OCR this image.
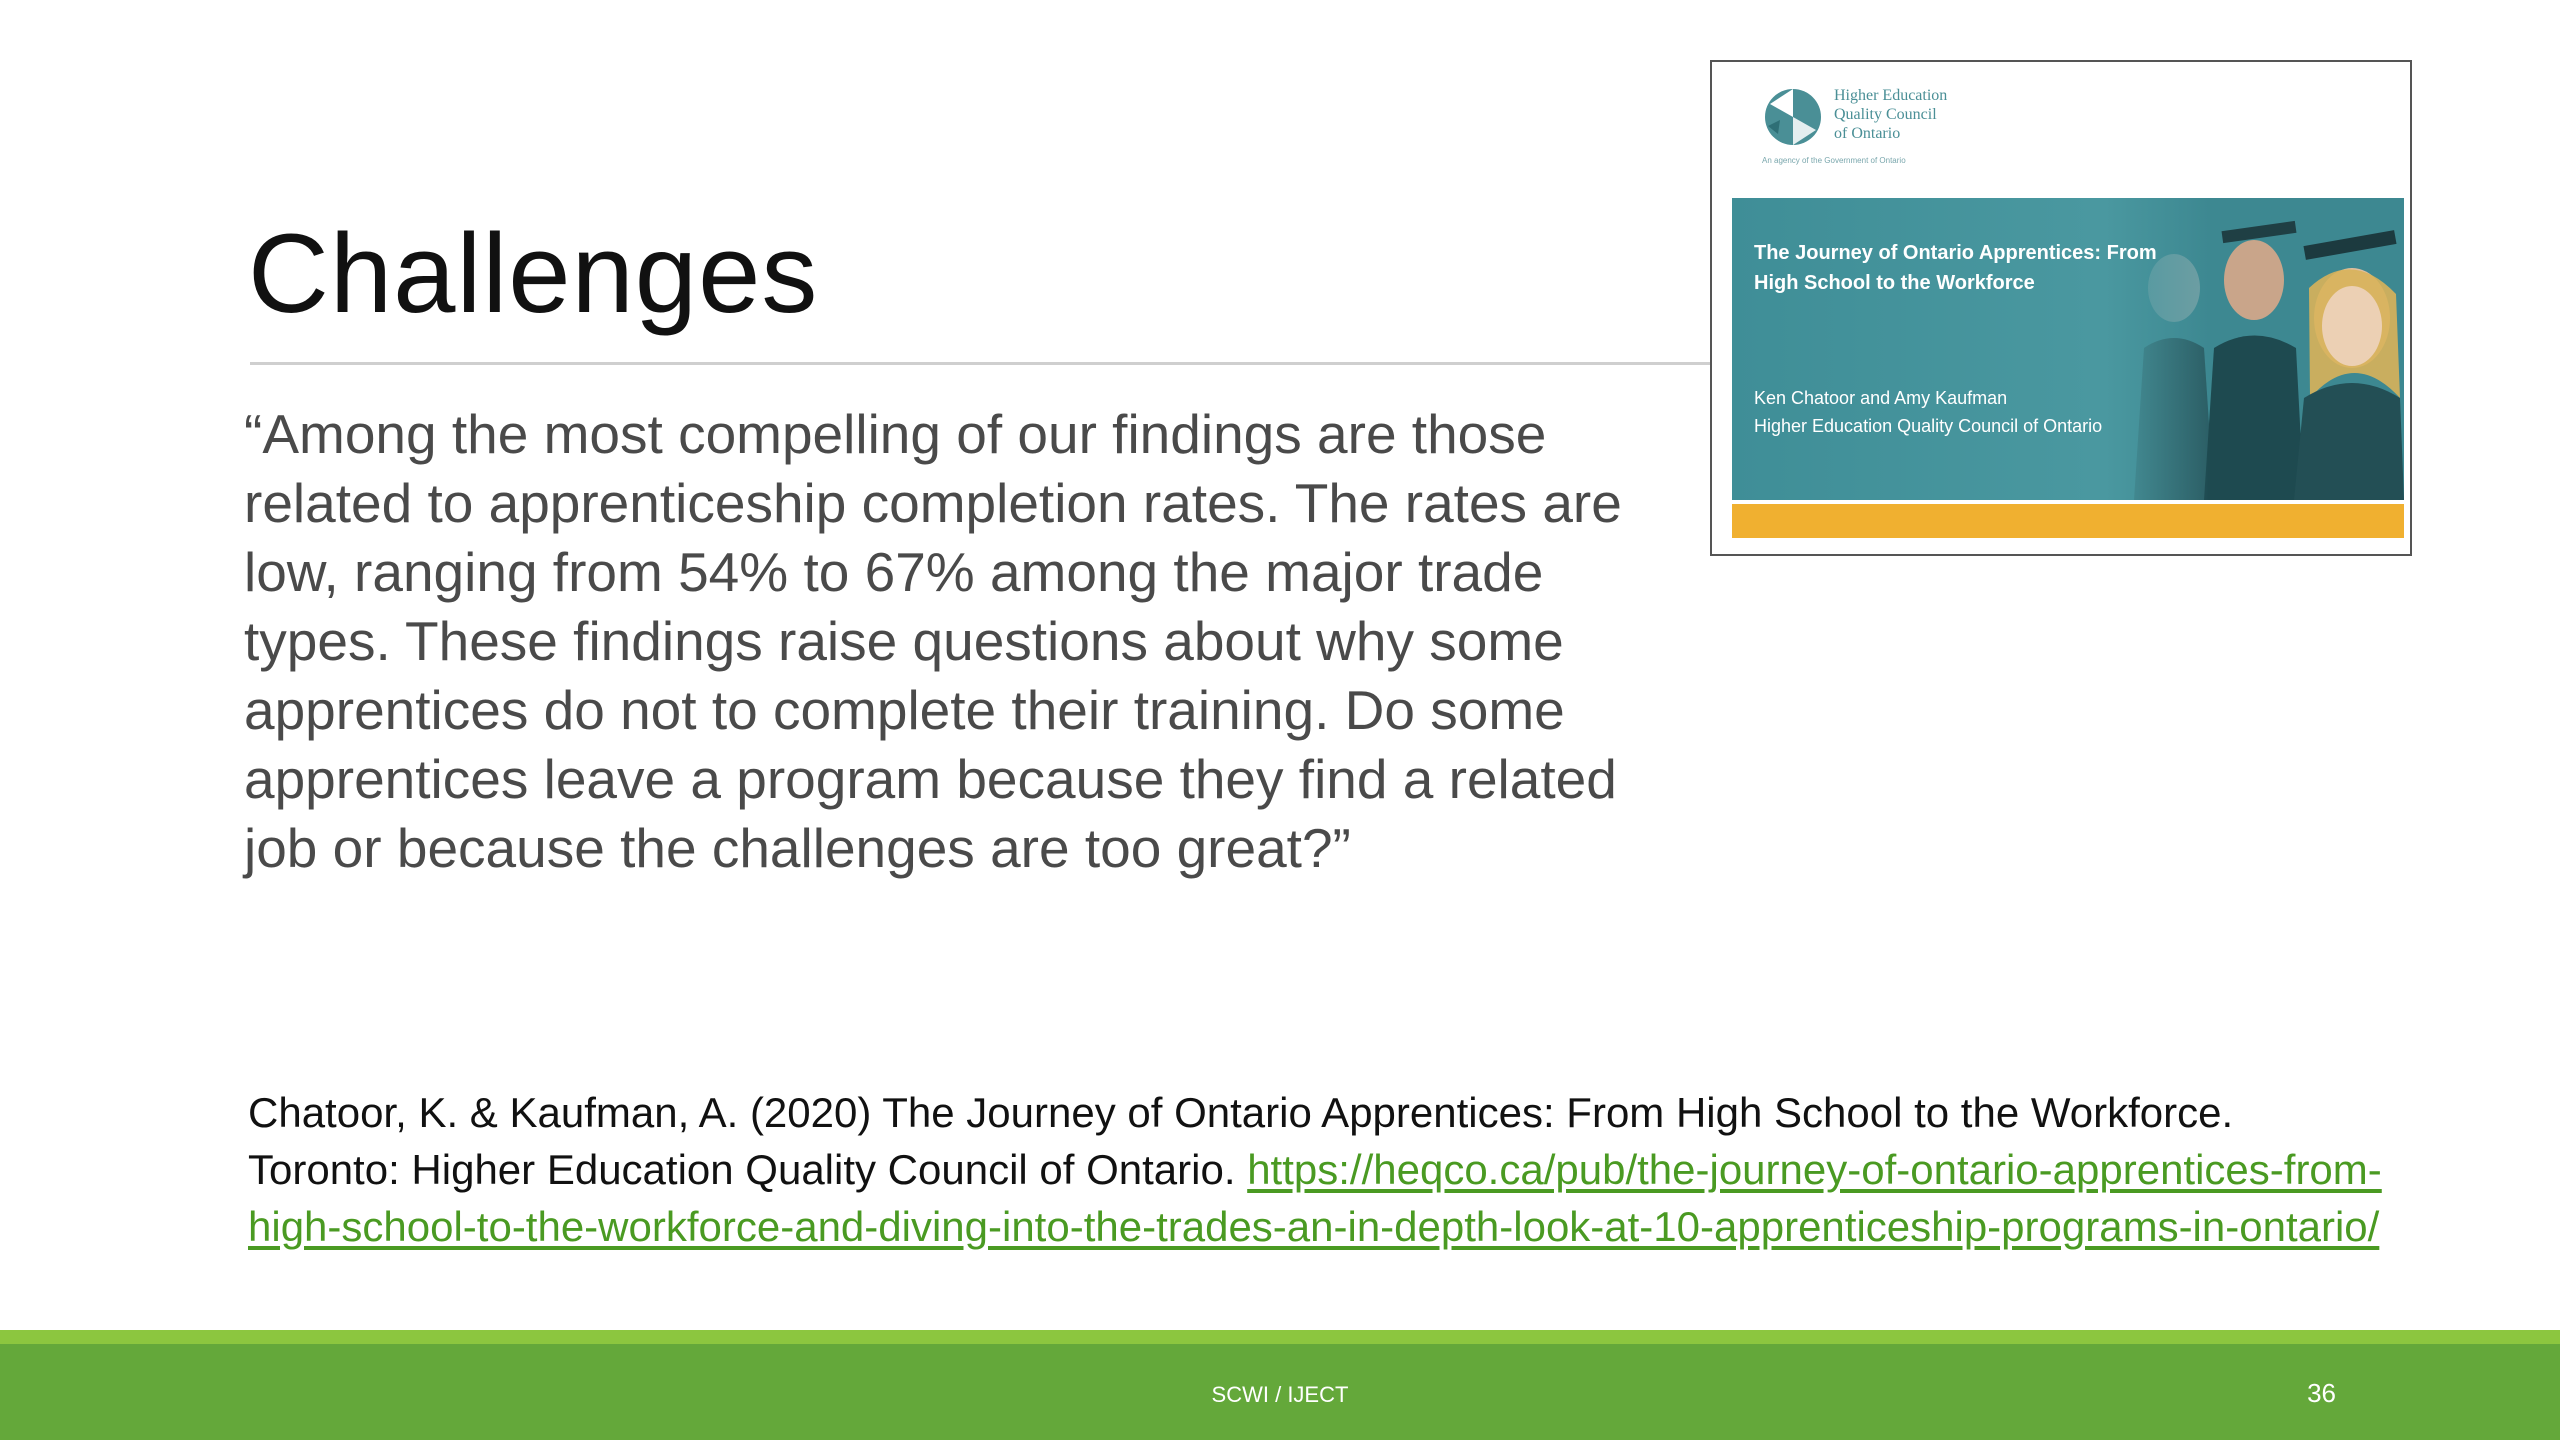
Challenges

“Among the most compelling of our findings are those related to apprenticeship completion rates. The rates are low, ranging from 54% to 67% among the major trade types. These findings raise questions about why some apprentices do not to complete their training. Do some apprentices leave a program because they find a related job or because the challenges are too great?”

Chatoor, K. & Kaufman, A. (2020) The Journey of Ontario Apprentices: From High School to the Workforce. Toronto: Higher Education Quality Council of Ontario. https://heqco.ca/pub/the-journey-of-ontario-apprentices-from-high-school-to-the-workforce-and-diving-into-the-trades-an-in-depth-look-at-10-apprenticeship-programs-in-ontario/

Higher Education
Quality Council
of Ontario
An agency of the Government of Ontario
The Journey of Ontario Apprentices: From High School to the Workforce
Ken Chatoor and Amy Kaufman
Higher Education Quality Council of Ontario
SCWI / IJECT	36
